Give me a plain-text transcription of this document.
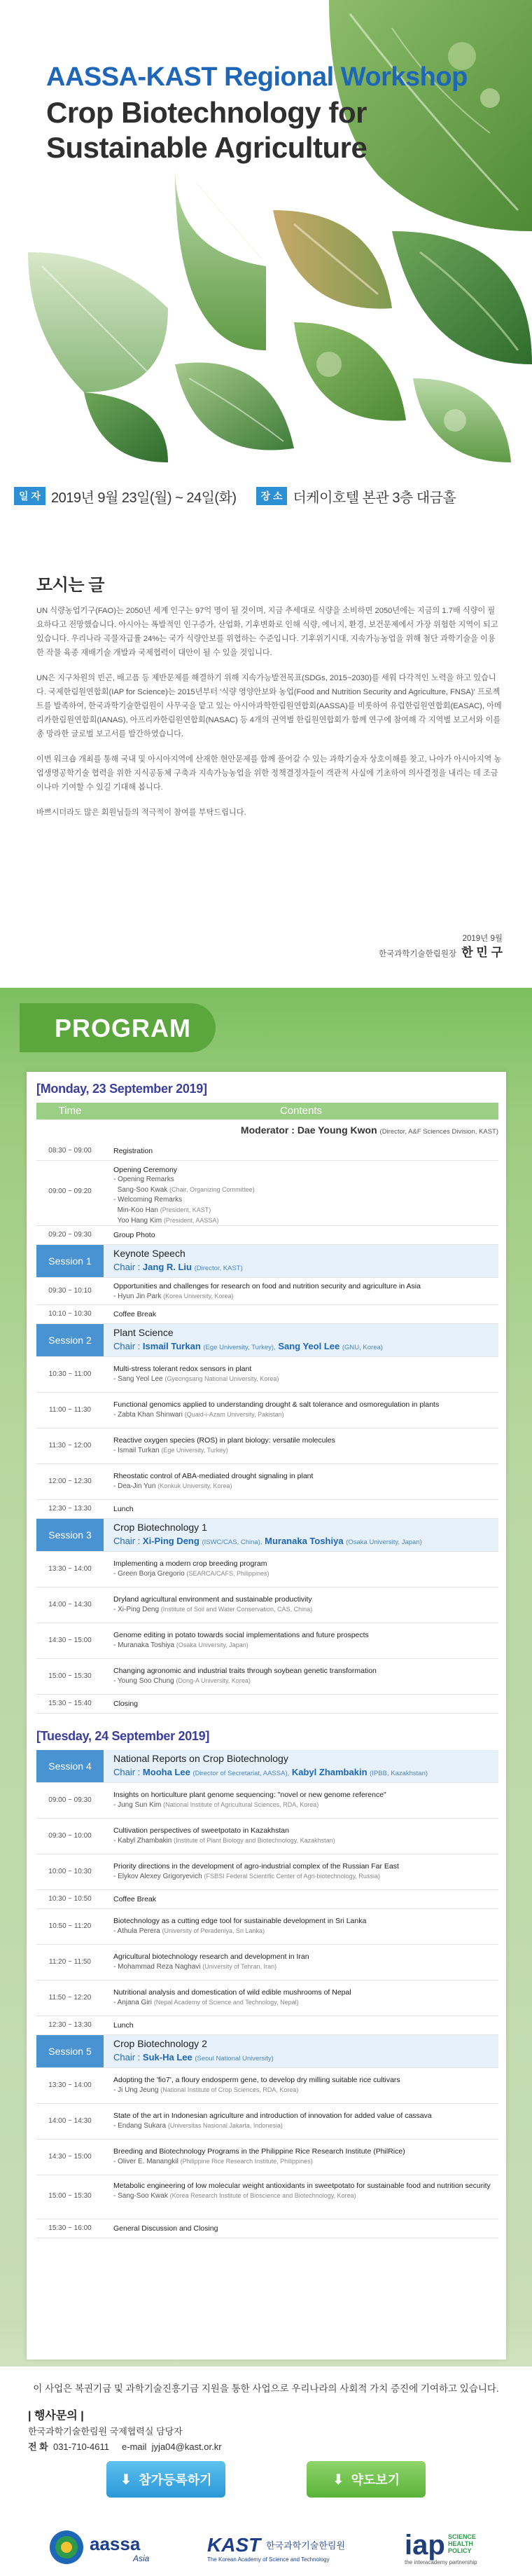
AASSA-KAST Regional Workshop
Crop Biotechnology for
Sustainable Agriculture
일 자 2019년 9월 23일(월) ~ 24일(화)	장 소 더케이호텔 본관 3층 대금홀
모시는 글

UN 식량농업기구(FAO)는 2050년 세계 인구는 97억 명이 될 것이며, 지금 추세대로 식량을 소비하면 2050년에는 지금의 1.7배 식량이 필요하다고 전망했습니다. 아시아는 폭발적인 인구증가, 산업화, 기후변화로 인해 식량, 에너지, 환경, 보건문제에서 가장 위험한 지역이 되고 있습니다. 우리나라 곡물자급률 24%는 국가 식량안보를 위협하는 수준입니다. 기후위기시대, 지속가능농업을 위해 첨단 과학기술을 이용한 작물 육종 재배기술 개발과 국제협력이 대안이 될 수 있을 것입니다.

UN은 지구차원의 빈곤, 배고픔 등 제반문제를 해결하기 위해 지속가능발전목표(SDGs, 2015~2030)를 세워 다각적인 노력을 하고 있습니다. 국제한림원연합회(IAP for Science)는 2015년부터 '식량 영양안보와 농업(Food and Nutrition Security and Agriculture, FNSA)' 프로젝트를 발족하여, 한국과학기술한림원이 사무국을 맡고 있는 아시아과학한림원연합회(AASSA)를 비롯하여 유럽한림원연합회(EASAC), 아메리카한림원연합회(IANAS), 아프리카한림원연합회(NASAC) 등 4개의 권역별 한림원연합회가 함께 연구에 참여해 각 지역별 보고서와 이를 총 망라한 글로벌 보고서를 발간하였습니다.

이번 워크숍 개최를 통해 국내 및 아시아지역에 산재한 현안문제를 함께 풀어갈 수 있는 과학기술자 상호이해를 찾고, 나아가 아시아지역 농업생명공학기술 협력을 위한 지식공동체 구축과 지속가능농업을 위한 정책결정자들이 객관적 사실에 기초하여 의사결정을 내리는 데 조금이나마 기여할 수 있길 기대해 봅니다.

바쁘시더라도 많은 회원님들의 적극적이 참여를 부탁드립니다.

2019년 9월
한국과학기술한림원장 한 민 구
PROGRAM
[Monday, 23 September 2019]
Time	Contents
Moderator : Dae Young Kwon (Director, A&F Sciences Division, KAST)
08:30 ~ 09:00	Registration
09:00 ~ 09:20
Opening Ceremony
- Opening Remarks
Sang-Soo Kwak (Chair, Organizing Committee)
- Welcoming Remarks
Min-Koo Han (President, KAST)
Yoo Hang Kim (President, AASSA)
09:20 ~ 09:30	Group Photo
Session 1
Keynote Speech
Chair : Jang R. Liu (Director, KAST)
09:30 ~ 10:10
Opportunities and challenges for research on food and nutrition security and agriculture in Asia
- Hyun Jin Park (Korea University, Korea)
10:10 ~ 10:30	Coffee Break
Session 2
Plant Science
Chair : Ismail Turkan (Ege University, Turkey), Sang Yeol Lee (GNU, Korea)
10:30 ~ 11:00
Multi-stress tolerant redox sensors in plant
- Sang Yeol Lee (Gyeongsang National University, Korea)
11:00 ~ 11:30
Functional genomics applied to understanding drought & salt tolerance and osmoregulation in plants
- Zabta Khan Shinwari (Quaid-i-Azam University, Pakistan)
11:30 ~ 12:00
Reactive oxygen species (ROS) in plant biology: versatile molecules
- Ismail Turkan (Ege University, Turkey)
12:00 ~ 12:30
Rheostatic control of ABA-mediated drought signaling in plant
- Dea-Jin Yun (Konkuk University, Korea)
12:30 ~ 13:30	Lunch
Session 3
Crop Biotechnology 1
Chair : Xi-Ping Deng (ISWC/CAS, China), Muranaka Toshiya (Osaka University, Japan)
13:30 ~ 14:00
Implementing a modern crop breeding program
- Green Borja Gregorio (SEARCA/CAFS, Philippines)
14:00 ~ 14:30
Dryland agricultural environment and sustainable productivity
- Xi-Ping Deng (Institute of Soil and Water Conservation, CAS, China)
14:30 ~ 15:00
Genome editing in potato towards social implementations and future prospects
- Muranaka Toshiya (Osaka University, Japan)
15:00 ~ 15:30
Changing agronomic and industrial traits through soybean genetic transformation
- Young Soo Chung (Dong-A University, Korea)
15:30 ~ 15:40	Closing
[Tuesday, 24 September 2019]
Session 4
National Reports on Crop Biotechnology
Chair : Mooha Lee (Director of Secretariat, AASSA), Kabyl Zhambakin (IPBB, Kazakhstan)
09:00 ~ 09:30
Insights on horticulture plant genome sequencing: "novel or new genome reference"
- Jung Sun Kim (National Institute of Agricultural Sciences, RDA, Korea)
09:30 ~ 10:00
Cultivation perspectives of sweetpotato in Kazakhstan
- Kabyl Zhambakin (Institute of Plant Biology and Biotechnology, Kazakhstan)
10:00 ~ 10:30
Priority directions in the development of agro-industrial complex of the Russian Far East
- Elykov Alexey Grigoryevich (FSBSI Federal Scientific Center of Agri-biotechnology, Russia)
10:30 ~ 10:50	Coffee Break
10:50 ~ 11:20
Biotechnology as a cutting edge tool for sustainable development in Sri Lanka
- Athula Perera (University of Peradeniya, Sri Lanka)
11:20 ~ 11:50
Agricultural biotechnology research and development in Iran
- Mohammad Reza Naghavi (University of Tehran, Iran)
11:50 ~ 12:20
Nutritional analysis and domestication of wild edible mushrooms of Nepal
- Anjana Giri (Nepal Academy of Science and Technology, Nepal)
12:30 ~ 13:30	Lunch
Session 5
Crop Biotechnology 2
Chair : Suk-Ha Lee (Seoul National University)
13:30 ~ 14:00
Adopting the 'fio7', a floury endosperm gene, to develop dry milling suitable rice cultivars
- Ji Ung Jeung (National Institute of Crop Sciences, RDA, Korea)
14:00 ~ 14:30
State of the art in Indonesian agriculture and introduction of innovation for added value of cassava
- Endang Sukara (Universitas Nasional Jakarta, Indonesia)
14:30 ~ 15:00
Breeding and Biotechnology Programs in the Philippine Rice Research Institute (PhilRice)
- Oliver E. Manangkil (Philippine Rice Research Institute, Philippines)
15:00 ~ 15:30
Metabolic engineering of low molecular weight antioxidants in sweetpotato for sustainable food and nutrition security
- Sang-Soo Kwak (Korea Research Institute of Bioscience and Biotechnology, Korea)
15:30 ~ 16:00	General Discussion and Closing
이 사업은 복권기금 및 과학기술진흥기금 지원을 통한 사업으로 우리나라의 사회적 가치 증진에 기여하고 있습니다.
| 행사문의 |
한국과학기술한림원 국제협력실 담당자
전 화 031-710-4611 e-mail jyja04@kast.or.kr
⬇ 참가등록하기	⬇ 약도보기
aassa
Asia
KAST 한국과학기술한림원
The Korean Academy of Science and Technology	iap SCIENCE
HEALTH
POLICY
the interacademy partnership
